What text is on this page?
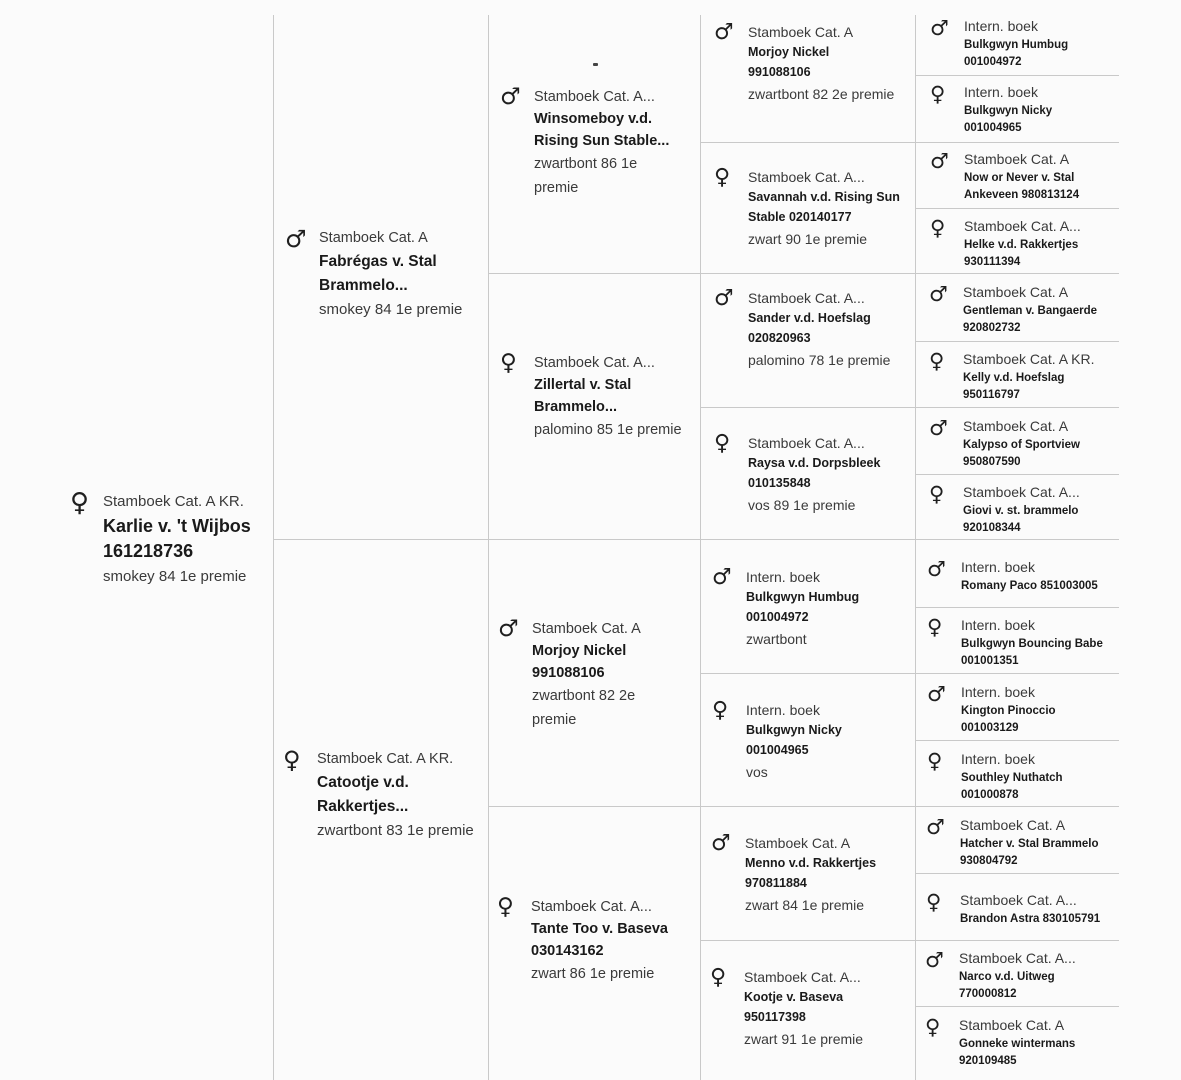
♀ Stamboek Cat. A KR.
Karlie v. 't Wijbos
161218736
smokey 84 1e premie
♂ Stamboek Cat. A
Fabrégas v. Stal Brammelo...
smokey 84 1e premie
♀ Stamboek Cat. A KR.
Catootje v.d. Rakkertjes...
zwartbont 83 1e premie
♂ Stamboek Cat. A...
Winsomeboy v.d. Rising Sun Stable...
zwartbont 86 1e premie
♀ Stamboek Cat. A...
Zillertal v. Stal Brammelo...
palomino 85 1e premie
♂ Stamboek Cat. A
Morjoy Nickel
991088106
zwartbont 82 2e premie
♀ Stamboek Cat. A...
Tante Too v. Baseva
030143162
zwart 86 1e premie
♂ Stamboek Cat. A
Morjoy Nickel
991088106
zwartbont 82 2e premie
♀ Stamboek Cat. A...
Savannah v.d. Rising Sun Stable 020140177
zwart 90 1e premie
♂ Stamboek Cat. A...
Sander v.d. Hoefslag
020820963
palomino 78 1e premie
♀ Stamboek Cat. A...
Raysa v.d. Dorpsbleek
010135848
vos 89 1e premie
♂ Intern. boek
Bulkgwyn Humbug
001004972
zwartbont
♀ Intern. boek
Bulkgwyn Nicky
001004965
vos
♂ Stamboek Cat. A
Menno v.d. Rakkertjes
970811884
zwart 84 1e premie
♀ Stamboek Cat. A...
Kootje v. Baseva
950117398
zwart 91 1e premie
♂ Intern. boek
Bulkgwyn Humbug
001004972
♀ Intern. boek
Bulkgwyn Nicky
001004965
♂ Stamboek Cat. A
Now or Never v. Stal Ankeveen 980813124
♀ Stamboek Cat. A...
Helke v.d. Rakkertjes
930111394
♂ Stamboek Cat. A
Gentleman v. Bangaerde
920802732
♀ Stamboek Cat. A KR.
Kelly v.d. Hoefslag
950116797
♂ Stamboek Cat. A
Kalypso of Sportview
950807590
♀ Stamboek Cat. A...
Giovi v. st. brammelo
920108344
♂ Intern. boek
Romany Paco 851003005
♀ Intern. boek
Bulkgwyn Bouncing Babe
001001351
♂ Intern. boek
Kington Pinoccio
001003129
♀ Intern. boek
Southley Nuthatch
001000878
♂ Stamboek Cat. A
Hatcher v. Stal Brammelo 930804792
♀ Stamboek Cat. A...
Brandon Astra 830105791
♂ Stamboek Cat. A...
Narco v.d. Uitweg
770000812
♀ Stamboek Cat. A
Gonneke wintermans
920109485
